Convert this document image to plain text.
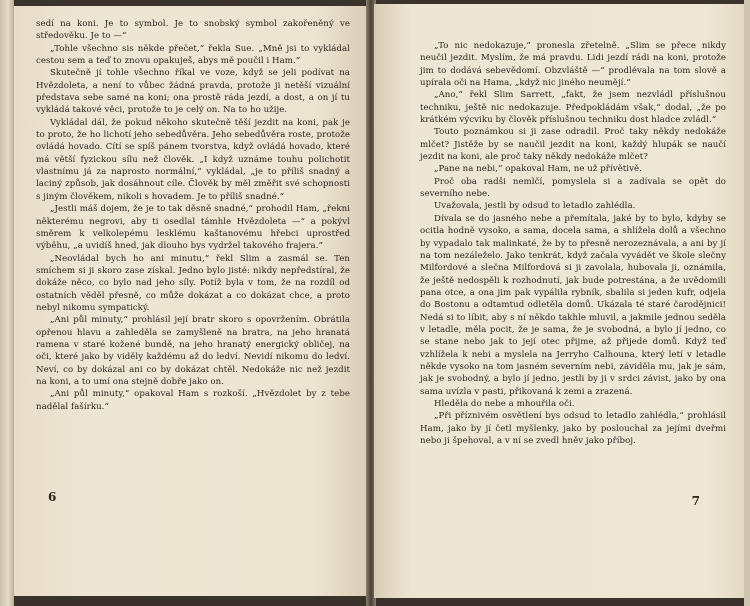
sedí na koni. Je to symbol. Je to snobský symbol zakořeněný ve středověku. Je to —“

„Tohle všechno sis někde přečet,“ řekla Sue. „Mně jsi to vykládal cestou sem a teď to znovu opakuješ, abys mě poučil i Ham.“

Skutečně jí tohle všechno říkal ve voze, když se jeli podívat na Hvězdoleta, a není to vůbec žádná pravda, protože ji netěší vizuální představa sebe samé na koni; ona prostě ráda jezdí, a dost, a on jí tu vykládá takové věci, protože to je celý on. Na to ho užije.

Vykládal dál, že pokud někoho skutečně těší jezdit na koni, pak je to proto, že ho lichotí jeho sebedůvěra. Jeho sebedůvěra roste, protože ovládá hovado. Cítí se spíš pánem tvorstva, když ovládá hovado, které má větší fyzickou sílu než člověk. „I když uznáme touhu polichotit vlastnímu já za naprosto normální,“ vykládal, „je to příliš snadný a laciný způsob, jak dosáhnout cíle. Člověk by měl změřit své schopnosti s jiným člověkem, nikoli s hovadem. Je to příliš snadné.“

„Jestli máš dojem, že je to tak děsně snadné,“ prohodil Ham, „řekni některému negrovi, aby ti osedlal támhle Hvězdoleta —“ a pokývl směrem k velkolepému lesklému kaštanovému hřebci uprostřed výběhu, „a uvidíš hned, jak dlouho bys vydržel takového frajera.“

„Neovládal bych ho ani minutu,“ řekl Slim a zasmál se. Ten smíchem si ji skoro zase získal. Jedno bylo jisté: nikdy nepředstíral, že dokáže něco, co bylo nad jeho síly. Potíž byla v tom, že na rozdíl od ostatních věděl přesně, co může dokázat a co dokázat chce, a proto nebyl nikomu sympatický.

„Ani půl minuty,“ prohlásil její bratr skoro s opovržením. Obrátila opřenou hlavu a zahleděla se zamyšleně na bratra, na jeho hranatá ramena v staré kožené bundě, na jeho hranatý energický obličej, na oči, které jako by viděly každému až do ledví. Nevidí nikomu do ledví. Neví, co by dokázal ani co by dokázat chtěl. Nedokáže nic než jezdit na koni, a to umí ona stejně dobře jako on.

„Ani půl minuty,“ opakoval Ham s rozkoší. „Hvězdolet by z tebe nadělal fašírku.“

6

„To nic nedokazuje,“ pronesla zřetelně. „Slim se přece nikdy neučil jezdit. Myslím, že má pravdu. Lidi jezdí rádi na koni, protože jim to dodává sebevědomí. Obzvláště —“ prodlévala na tom slově a upírala oči na Hama, „když nic jiného neumějí.“

„Ano,“ řekl Slim Sarrett, „fakt, že jsem nezvládl příslušnou techniku, ještě nic nedokazuje. Předpokládám však,“ dodal, „že po krátkém výcviku by člověk příslušnou techniku dost hladce zvládl.“

Touto poznámkou si ji zase odradil. Proč taky někdy nedokáže mlčet? Jistěže by se naučil jezdit na koni, každý hlupák se naučí jezdit na koni, ale proč taky někdy nedokáže mlčet?

„Pane na nebi,“ opakoval Ham, ne už přívětivě.

Proč oba radši nemlčí, pomyslela si a zadívala se opět do severního nebe.

Uvažovala, jestli by odsud to letadlo zahlédla.

Dívala se do jasného nebe a přemítala, jaké by to bylo, kdyby se ocitla hodně vysoko, a sama, docela sama, a shlížela dolů a všechno by vypadalo tak malinkaté, že by to přesně nerozeznávala, a ani by jí na tom nezáleželo. Jako tenkrát, když začala vyvádět ve škole slečny Milfordové a slečna Milfordová si ji zavolala, hubovala ji, oznámila, že ještě nedospěli k rozhodnutí, jak bude potrestána, a že uvědomili pana otce, a ona jim pak vypálila rybník, sbalila si jeden kufr, odjela do Bostonu a odtamtud odletěla domů. Ukázala té staré čarodějnici! Nedá si to líbit, aby s ní někdo takhle mluvil, a jakmile jednou seděla v letadle, měla pocit, že je sama, že je svobodná, a bylo jí jedno, co se stane nebo jak to její otec přijme, až přijede domů. Když teď vzhlížela k nebi a myslela na Jerryho Calhouna, který letí v letadle někde vysoko na tom jasném severním nebi, záviděla mu, jak je sám, jak je svobodný, a bylo jí jedno, jestli by ji v srdci závist, jako by ona sama uvízla v pasti, přikovaná k zemi a zrazená.

Hleděla do nebe a mhouřila oči.

„Při příznivém osvětlení bys odsud to letadlo zahlédla,“ prohlásil Ham, jako by jí četl myšlenky, jako by poslouchal za jejími dveřmi nebo ji špehoval, a v ní se zvedl hněv jako příboj.

7
